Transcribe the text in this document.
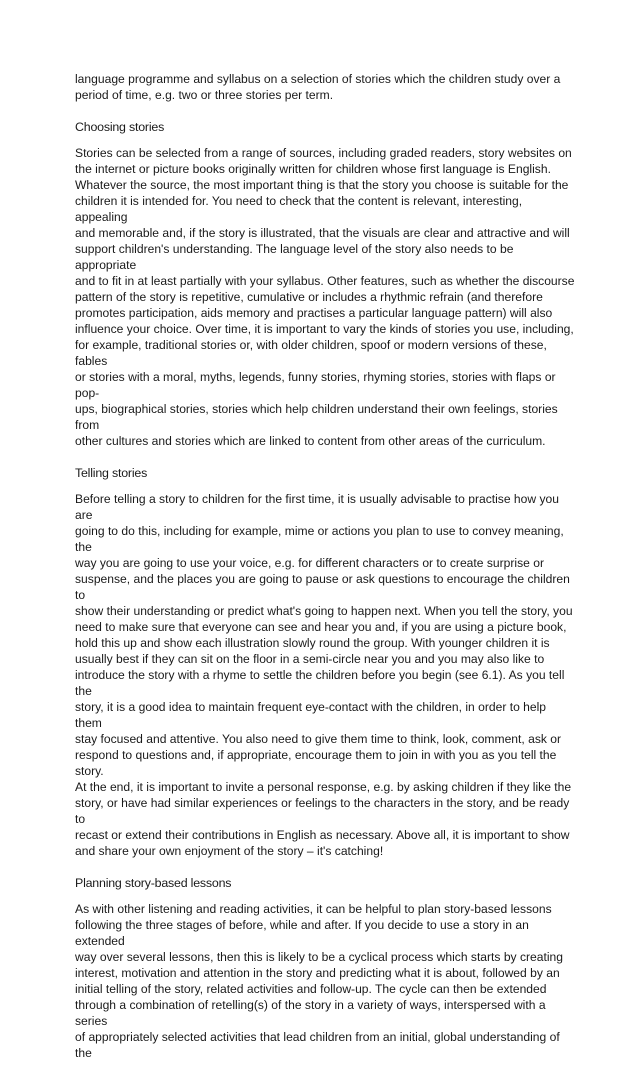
language programme and syllabus on a selection of stories which the children study over a
period of time, e.g. two or three stories per term.

Choosing stories

Stories can be selected from a range of sources, including graded readers, story websites on
the internet or picture books originally written for children whose first language is English.
Whatever the source, the most important thing is that the story you choose is suitable for the
children it is intended for. You need to check that the content is relevant, interesting, appealing
and memorable and, if the story is illustrated, that the visuals are clear and attractive and will
support children's understanding. The language level of the story also needs to be appropriate
and to fit in at least partially with your syllabus. Other features, such as whether the discourse
pattern of the story is repetitive, cumulative or includes a rhythmic refrain (and therefore
promotes participation, aids memory and practises a particular language pattern) will also
influence your choice. Over time, it is important to vary the kinds of stories you use, including,
for example, traditional stories or, with older children, spoof or modern versions of these, fables
or stories with a moral, myths, legends, funny stories, rhyming stories, stories with flaps or pop-
ups, biographical stories, stories which help children understand their own feelings, stories from
other cultures and stories which are linked to content from other areas of the curriculum.

Telling stories

Before telling a story to children for the first time, it is usually advisable to practise how you are
going to do this, including for example, mime or actions you plan to use to convey meaning, the
way you are going to use your voice, e.g. for different characters or to create surprise or
suspense, and the places you are going to pause or ask questions to encourage the children to
show their understanding or predict what's going to happen next. When you tell the story, you
need to make sure that everyone can see and hear you and, if you are using a picture book,
hold this up and show each illustration slowly round the group. With younger children it is
usually best if they can sit on the floor in a semi-circle near you and you may also like to
introduce the story with a rhyme to settle the children before you begin (see 6.1). As you tell the
story, it is a good idea to maintain frequent eye-contact with the children, in order to help them
stay focused and attentive. You also need to give them time to think, look, comment, ask or
respond to questions and, if appropriate, encourage them to join in with you as you tell the story.
At the end, it is important to invite a personal response, e.g. by asking children if they like the
story, or have had similar experiences or feelings to the characters in the story, and be ready to
recast or extend their contributions in English as necessary. Above all, it is important to show
and share your own enjoyment of the story – it's catching!

Planning story-based lessons

As with other listening and reading activities, it can be helpful to plan story-based lessons
following the three stages of before, while and after. If you decide to use a story in an extended
way over several lessons, then this is likely to be a cyclical process which starts by creating
interest, motivation and attention in the story and predicting what it is about, followed by an
initial telling of the story, related activities and follow-up. The cycle can then be extended
through a combination of retelling(s) of the story in a variety of ways, interspersed with a series
of appropriately selected activities that lead children from an initial, global understanding of the
